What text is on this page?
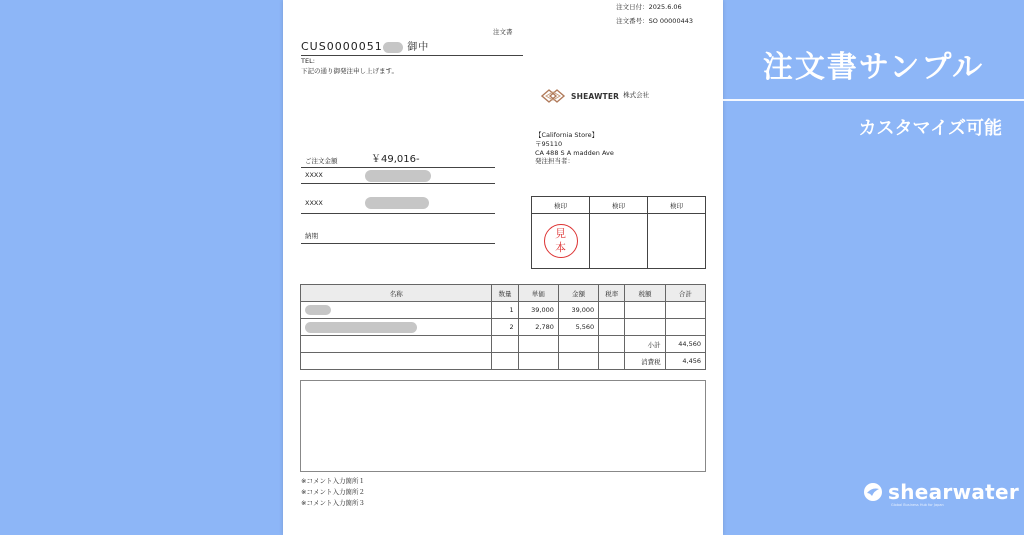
注文日付：2025.6.06
注文番号：SO 00000443
注文書
CUS0000051 御中
TEL:
下記の通り御発注申し上げます。
SHEAWTER 株式会社
【California Store】
〒95110
CA 488 S A madden Ave
発注担当者：
ご注文金額	￥49,016-
XXXX
XXXX
納期
検印	検印	検印

見
本		

名称	数量	単価	金額	税率	税額	合計
	1	39,000	39,000			
	2	2,780	5,560			
					小計	44,560
					消費税	4,456
※コメント入力箇所１
※コメント入力箇所２
※コメント入力箇所３
注文書サンプル
カスタマイズ可能
shearwater
Global Business Hub for Japan
